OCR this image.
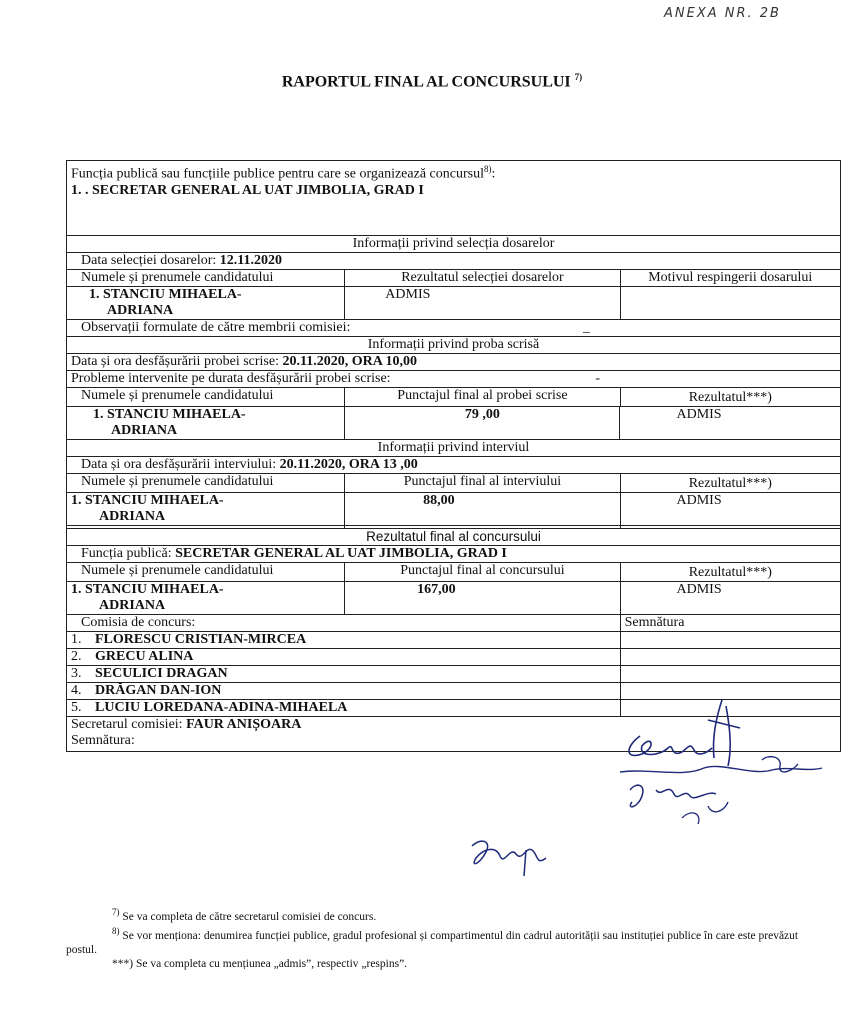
ANEXA NR. 2B
RAPORTUL FINAL AL CONCURSULUI $^{7)}$
Funcția publică sau funcțiile publice pentru care se organizează concursul$^{8)}$:
1. . SECRETAR GENERAL AL UAT JIMBOLIA, GRAD I
Informații privind selecția dosarelor
Data selecției dosarelor: 12.11.2020
Numele și prenumele candidatului	Rezultatul selecției dosarelor	Motivul respingerii dosarului
1. STANCIU MIHAELA-
ADRIANA
ADMIS
Observații formulate de către membrii comisiei:	_
Informații privind proba scrisă
Data și ora desfășurării probei scrise: 20.11.2020, ORA 10,00
Probleme intervenite pe durata desfășurării probei scrise:	-
Numele și prenumele candidatului	Punctajul final al probei scrise	Rezultatul***)
1. STANCIU MIHAELA-
ADRIANA
79 ,00	ADMIS
Informații privind interviul
Data și ora desfășurării interviului: 20.11.2020, ORA 13 ,00
Numele și prenumele candidatului	Punctajul final al interviului	Rezultatul***)
1. STANCIU MIHAELA-
ADRIANA
88,00	ADMIS
Rezultatul final al concursului
Funcția publică: SECRETAR GENERAL AL UAT JIMBOLIA, GRAD I
Numele și prenumele candidatului	Punctajul final al concursului	Rezultatul***)
1. STANCIU MIHAELA-
ADRIANA
167,00	ADMIS
Comisia de concurs:	Semnătura
1. FLORESCU CRISTIAN-MIRCEA

2. GRECU ALINA

3. SECULICI DRAGAN

4. DRĂGAN DAN-ION

5. LUCIU LOREDANA-ADINA-MIHAELA

Secretarul comisiei: FAUR ANIȘOARA
Semnătura:

$^{7)}$ Se va completa de către secretarul comisiei de concurs.

$^{8)}$ Se vor menționa: denumirea funcției publice, gradul profesional și compartimentul din cadrul autorității sau instituției publice în care este prevăzut postul.

***) Se va completa cu mențiunea „admis”, respectiv „respins”.
